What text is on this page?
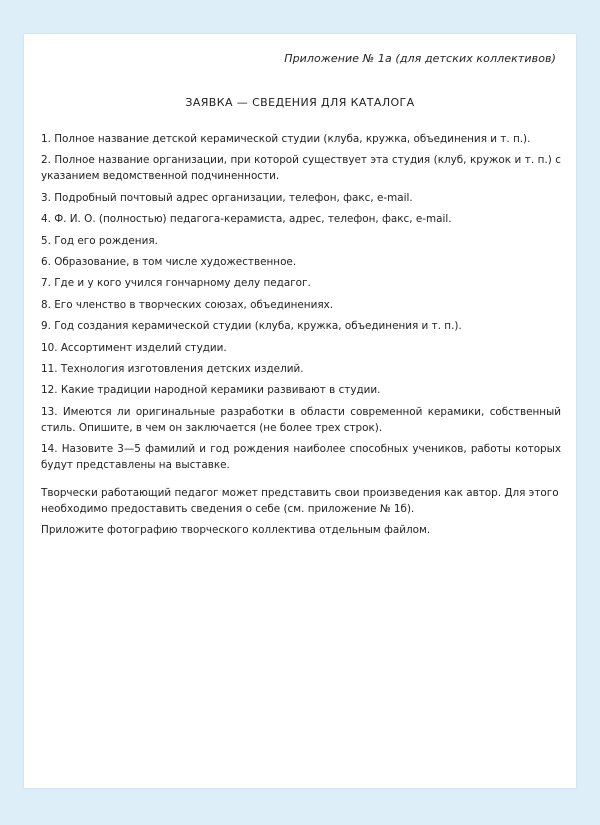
Приложение № 1а (для детских коллективов)
ЗАЯВКА — СВЕДЕНИЯ ДЛЯ КАТАЛОГА
1. Полное название детской керамической студии (клуба, кружка, объединения и т. п.).
2. Полное название организации, при которой существует эта студия (клуб, кружок и т. п.) с указанием ведомственной подчиненности.
3. Подробный почтовый адрес организации, телефон, факс, e-mail.
4. Ф. И. О. (полностью) педагога-керамиста, адрес, телефон, факс, e-mail.
5. Год его рождения.
6. Образование, в том числе художественное.
7. Где и у кого учился гончарному делу педагог.
8. Его членство в творческих союзах, объединениях.
9. Год создания керамической студии (клуба, кружка, объединения и т. п.).
10. Ассортимент изделий студии.
11. Технология изготовления детских изделий.
12. Какие традиции народной керамики развивают в студии.
13. Имеются ли оригинальные разработки в области современной керамики, собственный стиль. Опишите, в чем он заключается (не более трех строк).
14. Назовите 3—5 фамилий и год рождения наиболее способных учеников, работы которых будут представлены на выставке.

Творчески работающий педагог может представить свои произведения как автор. Для этого необходимо предоставить сведения о себе (см. приложение № 1б).

Приложите фотографию творческого коллектива отдельным файлом.
